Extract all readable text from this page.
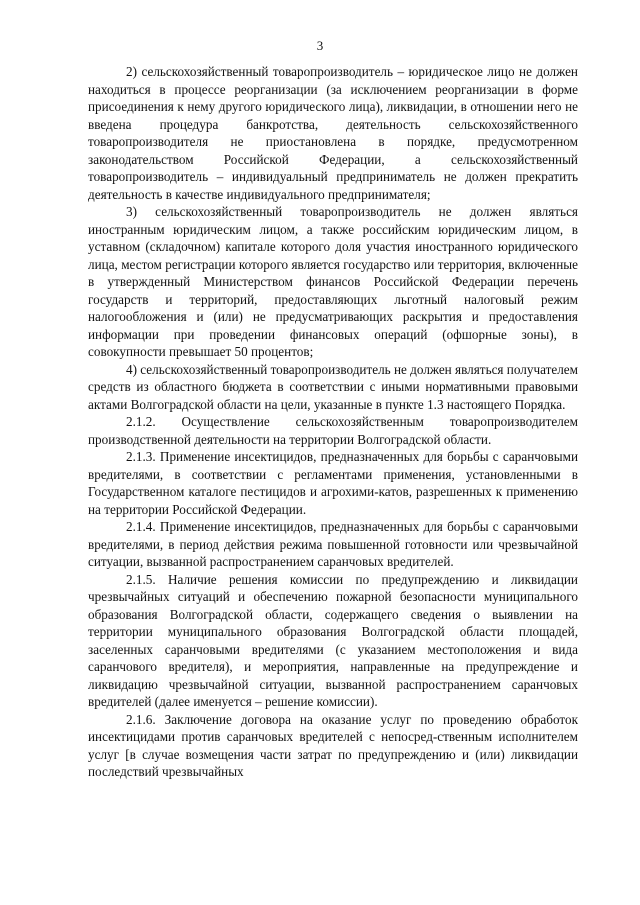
3

2) сельскохозяйственный товаропроизводитель – юридическое лицо не должен находиться в процессе реорганизации (за исключением реорганизации в форме присоединения к нему другого юридического лица), ликвидации, в отношении него не введена процедура банкротства, деятельность сельскохозяйственного товаропроизводителя не приостановлена в порядке, предусмотренном законодательством Российской Федерации, а сельскохозяйственный товаропроизводитель – индивидуальный предприниматель не должен прекратить деятельность в качестве индивидуального предпринимателя;

3) сельскохозяйственный товаропроизводитель не должен являться иностранным юридическим лицом, а также российским юридическим лицом, в уставном (складочном) капитале которого доля участия иностранного юридического лица, местом регистрации которого является государство или территория, включенные в утвержденный Министерством финансов Российской Федерации перечень государств и территорий, предоставляющих льготный налоговый режим налогообложения и (или) не предусматривающих раскрытия и предоставления информации при проведении финансовых операций (офшорные зоны), в совокупности превышает 50 процентов;

4) сельскохозяйственный товаропроизводитель не должен являться получателем средств из областного бюджета в соответствии с иными нормативными правовыми актами Волгоградской области на цели, указанные в пункте 1.3 настоящего Порядка.

2.1.2. Осуществление сельскохозяйственным товаропроизводителем производственной деятельности на территории Волгоградской области.

2.1.3. Применение инсектицидов, предназначенных для борьбы с саранчовыми вредителями, в соответствии с регламентами применения, установленными в Государственном каталоге пестицидов и агрохими-катов, разрешенных к применению на территории Российской Федерации.

2.1.4. Применение инсектицидов, предназначенных для борьбы с саранчовыми вредителями, в период действия режима повышенной готовности или чрезвычайной ситуации, вызванной распространением саранчовых вредителей.

2.1.5. Наличие решения комиссии по предупреждению и ликвидации чрезвычайных ситуаций и обеспечению пожарной безопасности муниципального образования Волгоградской области, содержащего сведения о выявлении на территории муниципального образования Волгоградской области площадей, заселенных саранчовыми вредителями (с указанием местоположения и вида саранчового вредителя), и мероприятия, направленные на предупреждение и ликвидацию чрезвычайной ситуации, вызванной распространением саранчовых вредителей (далее именуется – решение комиссии).

2.1.6. Заключение договора на оказание услуг по проведению обработок инсектицидами против саранчовых вредителей с непосред-ственным исполнителем услуг [в случае возмещения части затрат по предупреждению и (или) ликвидации последствий чрезвычайных
